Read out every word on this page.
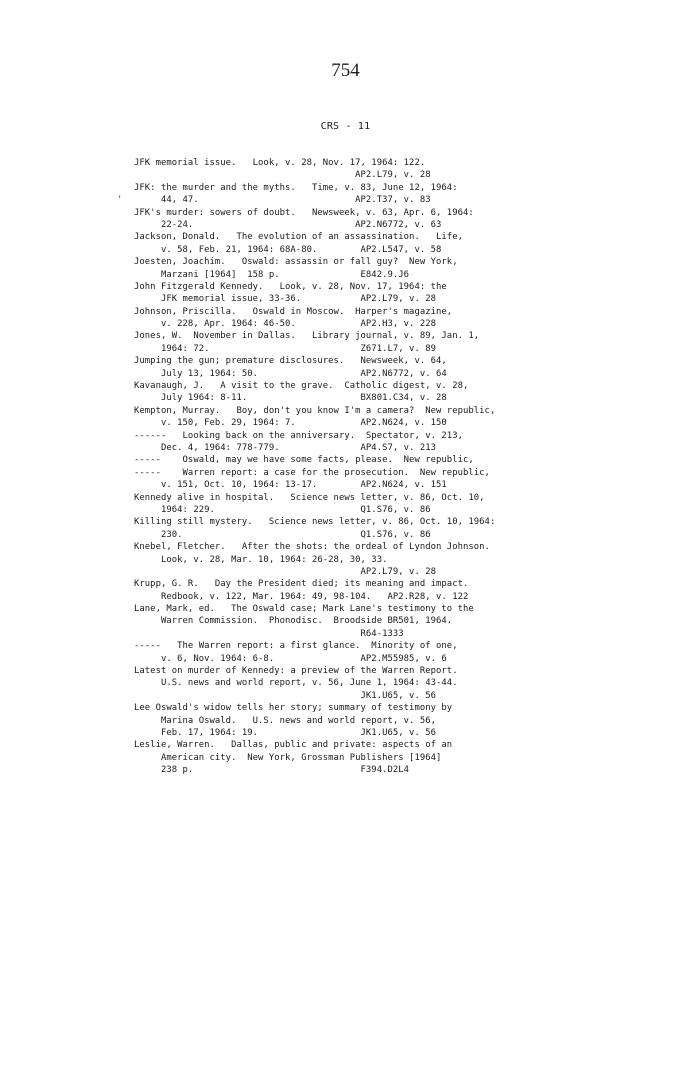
754
CRS - 11
'
JFK memorial issue.   Look, v. 28, Nov. 17, 1964: 122.
AP2.L79, v. 28
JFK: the murder and the myths.   Time, v. 83, June 12, 1964:
44, 47.                             AP2.T37, v. 83
JFK's murder: sowers of doubt.   Newsweek, v. 63, Apr. 6, 1964:
22-24.                              AP2.N6772, v. 63
Jackson, Donald.   The evolution of an assassination.   Life,
v. 58, Feb. 21, 1964: 68A-80.        AP2.L547, v. 58
Joesten, Joachim.   Oswald: assassin or fall guy?  New York,
Marzani [1964]  158 p.               E842.9.J6
John Fitzgerald Kennedy.   Look, v. 28, Nov. 17, 1964: the
JFK memorial issue, 33-36.           AP2.L79, v. 28
Johnson, Priscilla.   Oswald in Moscow.  Harper's magazine,
v. 228, Apr. 1964: 46-50.            AP2.H3, v. 228
Jones, W.  November in Dallas.   Library journal, v. 89, Jan. 1,
1964: 72.                            Z671.L7, v. 89
Jumping the gun; premature disclosures.   Newsweek, v. 64,
July 13, 1964: 50.                   AP2.N6772, v. 64
Kavanaugh, J.   A visit to the grave.  Catholic digest, v. 28,
July 1964: 8-11.                     BX801.C34, v. 28
Kempton, Murray.   Boy, don't you know I'm a camera?  New republic,
v. 150, Feb. 29, 1964: 7.            AP2.N624, v. 150
------   Looking back on the anniversary.  Spectator, v. 213,
Dec. 4, 1964: 778-779.               AP4.S7, v. 213
-----    Oswald, may we have some facts, please.  New republic,
-----    Warren report: a case for the prosecution.  New republic,
v. 151, Oct. 10, 1964: 13-17.        AP2.N624, v. 151
Kennedy alive in hospital.   Science news letter, v. 86, Oct. 10,
1964: 229.                           Q1.S76, v. 86
Killing still mystery.   Science news letter, v. 86, Oct. 10, 1964:
230.                                 Q1.S76, v. 86
Knebel, Fletcher.   After the shots: the ordeal of Lyndon Johnson.
Look, v. 28, Mar. 10, 1964: 26-28, 30, 33.
AP2.L79, v. 28
Krupp, G. R.   Day the President died; its meaning and impact.
Redbook, v. 122, Mar. 1964: 49, 98-104.   AP2.R28, v. 122
Lane, Mark, ed.   The Oswald case; Mark Lane's testimony to the
Warren Commission.  Phonodisc.  Broodside BR501, 1964.
R64-1333
-----   The Warren report: a first glance.  Minority of one,
v. 6, Nov. 1964: 6-8.                AP2.M55985, v. 6
Latest on murder of Kennedy: a preview of the Warren Report.
U.S. news and world report, v. 56, June 1, 1964: 43-44.
JK1.U65, v. 56
Lee Oswald's widow tells her story; summary of testimony by
Marina Oswald.   U.S. news and world report, v. 56,
Feb. 17, 1964: 19.                   JK1.U65, v. 56
Leslie, Warren.   Dallas, public and private: aspects of an
American city.  New York, Grossman Publishers [1964]
238 p.                               F394.D2L4
